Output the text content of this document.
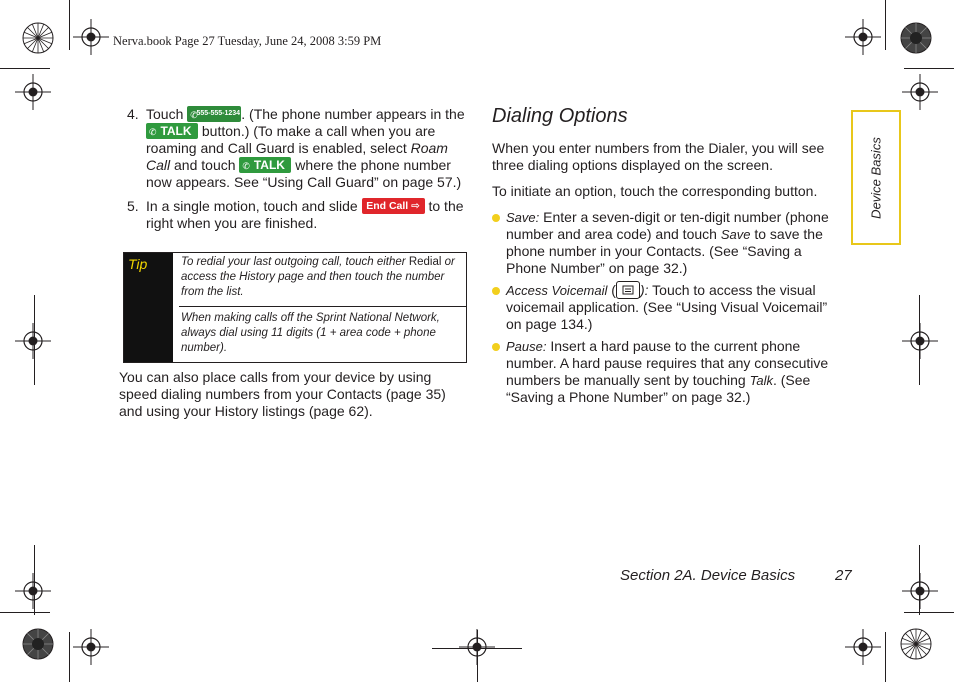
Nerva.book Page 27 Tuesday, June 24, 2008 3:59 PM
4. Touch ✆
555-555-1234. (The phone number appears in the
✆ TALK button.) (To make a call when you are roaming and Call Guard is enabled, select Roam Call and touch ✆ TALK where the phone number now appears. See “Using Call Guard” on page 57.)
5. In a single motion, touch and slide End Call ⇨ to the right when you are finished.
Tip	To redial your last outgoing call, touch either Redial or access the History page and then touch the number from the list.
When making calls off the Sprint National Network, always dial using 11 digits (1 + area code + phone number).
You can also place calls from your device by using speed dialing numbers from your Contacts (page 35) and using your History listings (page 62).
Dialing Options

When you enter numbers from the Dialer, you will see three dialing options displayed on the screen.

To initiate an option, touch the corresponding button.

Save: Enter a seven-digit or ten-digit number (phone number and area code) and touch Save to save the phone number in your Contacts. (See “Saving a Phone Number” on page 32.)
Access Voicemail ( ): Touch to access the visual voicemail application. (See “Using Visual Voicemail” on page 134.)
Pause: Insert a hard pause to the current phone number. A hard pause requires that any consecutive numbers be manually sent by touching Talk. (See “Saving a Phone Number” on page 32.)
Device Basics
Section 2A. Device Basics	27
